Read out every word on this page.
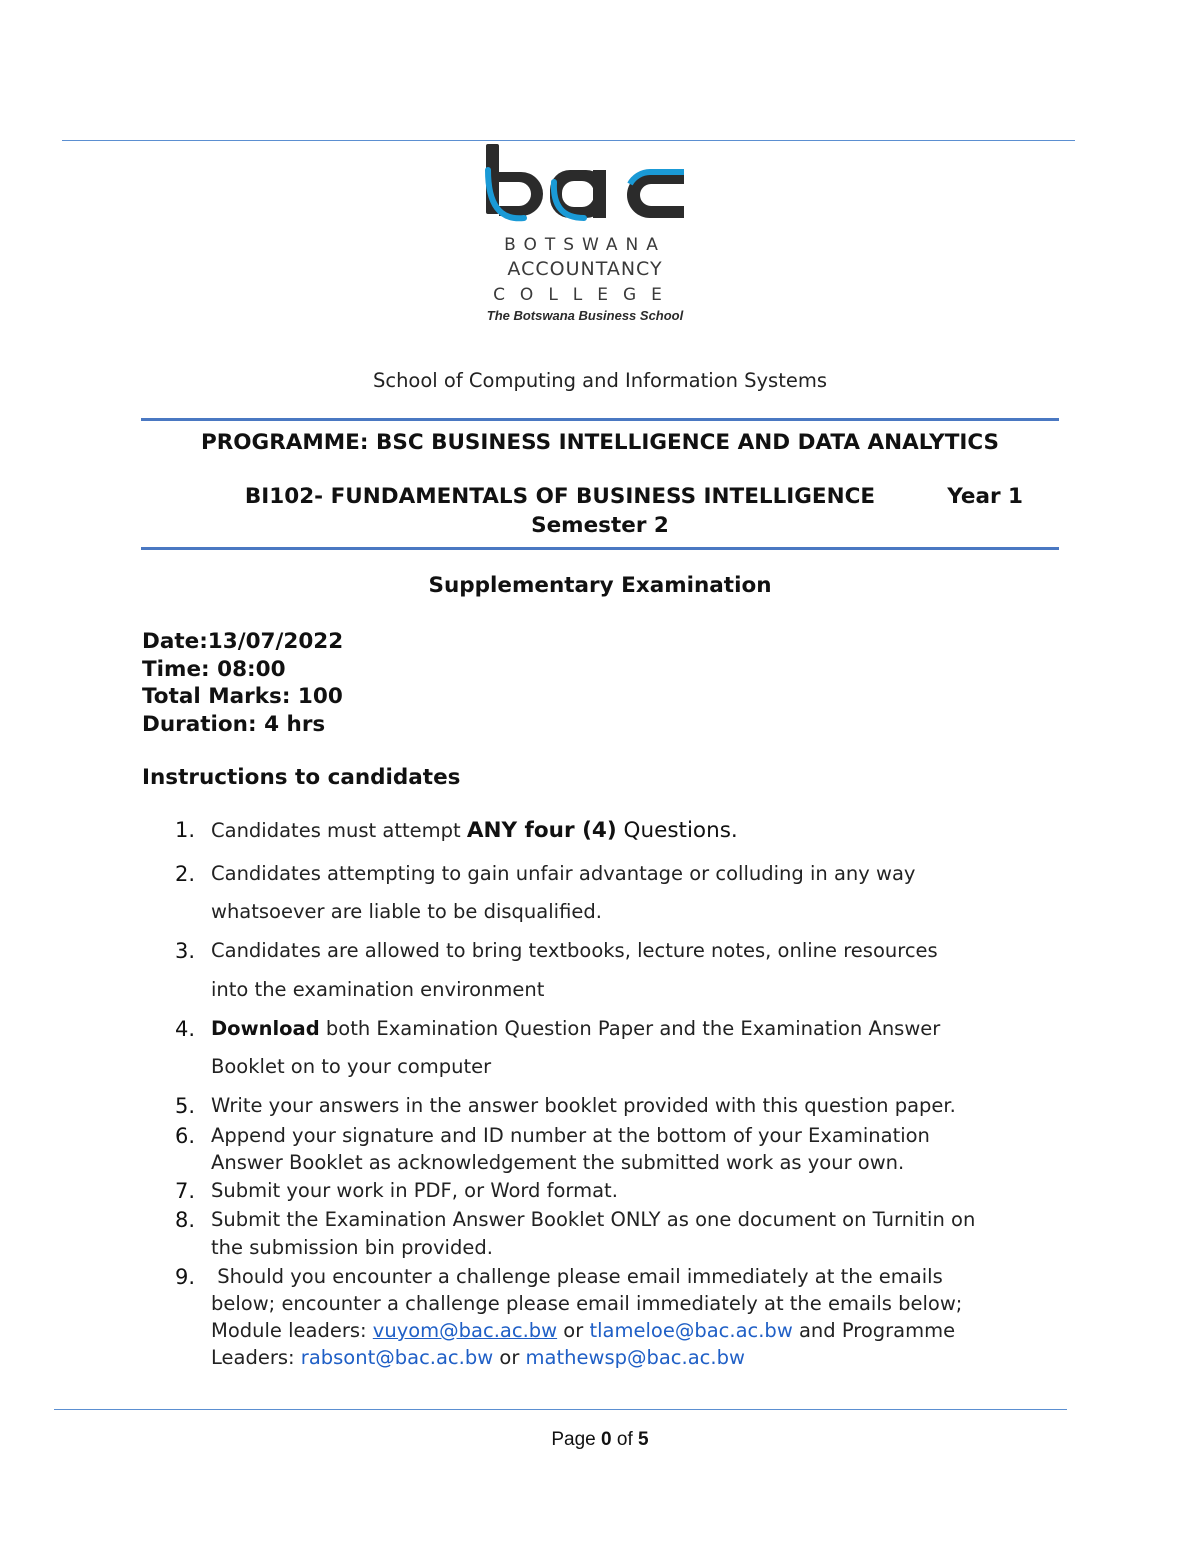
BOTSWANA
ACCOUNTANCY
COLLEGE
The Botswana Business School
School of Computing and Information Systems
PROGRAMME: BSC BUSINESS INTELLIGENCE AND DATA ANALYTICS
BI102- FUNDAMENTALS OF BUSINESS INTELLIGENCE	Year 1
Semester 2
Supplementary Examination
Date:13/07/2022
Time: 08:00
Total Marks: 100
Duration: 4 hrs
Instructions to candidates
1. Candidates must attempt ANY four (4) Questions.
2. Candidates attempting to gain unfair advantage or colluding in any way
whatsoever are liable to be disqualified.
3. Candidates are allowed to bring textbooks, lecture notes, online resources
into the examination environment
4. Download both Examination Question Paper and the Examination Answer
Booklet on to your computer
5. Write your answers in the answer booklet provided with this question paper.
6. Append your signature and ID number at the bottom of your Examination
Answer Booklet as acknowledgement the submitted work as your own.
7. Submit your work in PDF, or Word format.
8. Submit the Examination Answer Booklet ONLY as one document on Turnitin on
the submission bin provided.
9. Should you encounter a challenge please email immediately at the emails
below; encounter a challenge please email immediately at the emails below;
Module leaders: vuyom@bac.ac.bw or tlameloe@bac.ac.bw and Programme
Leaders: rabsont@bac.ac.bw or mathewsp@bac.ac.bw
Page 0 of 5
